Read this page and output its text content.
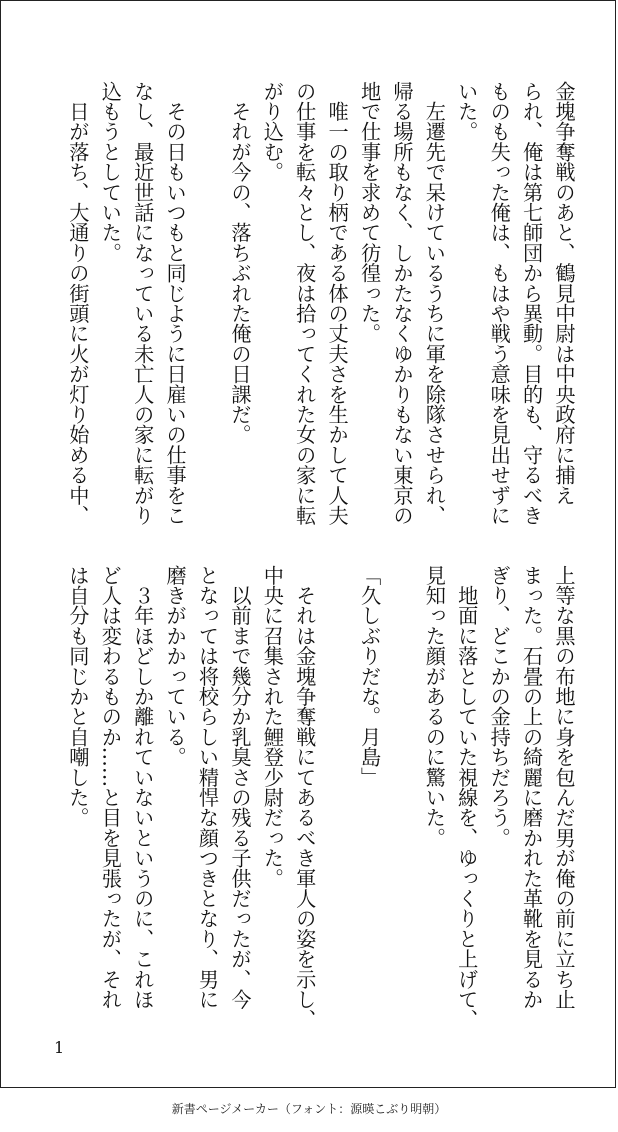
金塊争奪戦のあと、鶴見中尉は中央政府に捕え
られ、俺は第七師団から異動。目的も、守るべき
ものも失った俺は、もはや戦う意味を見出せずに
いた。
　左遷先で呆けているうちに軍を除隊させられ、
帰る場所もなく、しかたなくゆかりもない東京の
地で仕事を求めて彷徨った。
　唯一の取り柄である体の丈夫さを生かして人夫
の仕事を転々とし、夜は拾ってくれた女の家に転
がり込む。
　それが今の、落ちぶれた俺の日課だ。

　その日もいつもと同じように日雇いの仕事をこ
なし、最近世話になっている未亡人の家に転がり
込もうとしていた。
　日が落ち、大通りの街頭に火が灯り始める中、
上等な黒の布地に身を包んだ男が俺の前に立ち止
まった。石畳の上の綺麗に磨かれた革靴を見るか
ぎり、どこかの金持ちだろう。
　地面に落としていた視線を、ゆっくりと上げて、
見知った顔があるのに驚いた。

「久しぶりだな。月島」

　それは金塊争奪戦にてあるべき軍人の姿を示し、
中央に召集された鯉登少尉だった。
　以前まで幾分か乳臭さの残る子供だったが、今
となっては将校らしい精悍な顔つきとなり、男に
磨きがかかっている。
　３年ほどしか離れていないというのに、これほ
ど人は変わるものか……と目を見張ったが、それ
は自分も同じかと自嘲した。
1
新書ページメーカー（フォント：源暎こぶり明朝）
